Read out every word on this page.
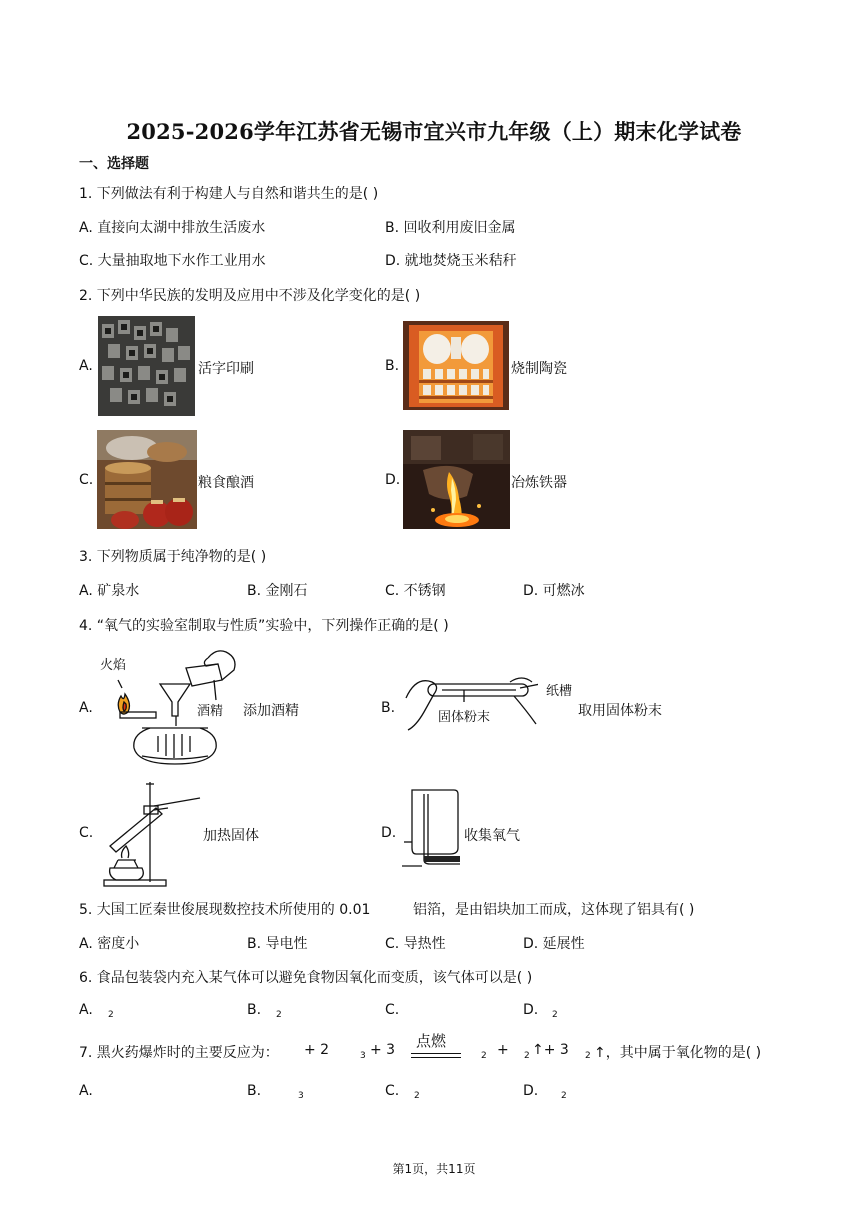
2025-2026学年江苏省无锡市宜兴市九年级（上）期末化学试卷
一、选择题
1. 下列做法有利于构建人与自然和谐共生的是( )
A. 直接向太湖中排放生活废水	B. 回收利用废旧金属
C. 大量抽取地下水作工业用水	D. 就地焚烧玉米秸秆
2. 下列中华民族的发明及应用中不涉及化学变化的是( )
A.	活字印刷	B.	烧制陶瓷
C.	粮食酿酒	D.	冶炼铁器
3. 下列物质属于纯净物的是( )
A. 矿泉水	B. 金刚石	C. 不锈钢	D. 可燃冰
4. “氧气的实验室制取与性质”实验中，下列操作正确的是( )
A.
火焰
酒精 添加酒精	B.
纸槽
固体粉末	取用固体粉末
C.	加热固体	D.	收集氧气
5. 大国工匠秦世俊展现数控技术所使用的 0.01	铝箔，是由铝块加工而成，这体现了铝具有( )
A. 密度小	B. 导电性	C. 导热性	D. 延展性
6. 食品包装袋内充入某气体可以避免食物因氧化而变质，该气体可以是( )
A. 2	B. 2	C.	D. 2
7. 黑火药爆炸时的主要反应为： + 2	3 + 3 点燃
2 + 2 ↑+ 3 2 ↑，其中属于氧化物的是( )
A.	B.	3	C. 2	D.	2
第1页，共11页
